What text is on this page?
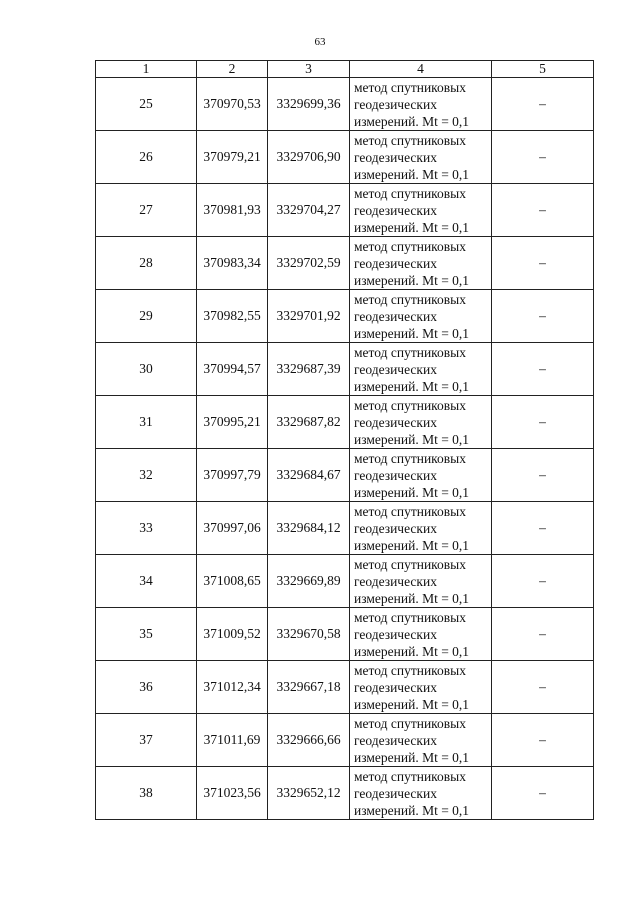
63
1	2	3	4	5
25	370970,53	3329699,36	метод спутниковых
геодезических
измерений. Mt = 0,1	–
26	370979,21	3329706,90	метод спутниковых
геодезических
измерений. Mt = 0,1	–
27	370981,93	3329704,27	метод спутниковых
геодезических
измерений. Mt = 0,1	–
28	370983,34	3329702,59	метод спутниковых
геодезических
измерений. Mt = 0,1	–
29	370982,55	3329701,92	метод спутниковых
геодезических
измерений. Mt = 0,1	–
30	370994,57	3329687,39	метод спутниковых
геодезических
измерений. Mt = 0,1	–
31	370995,21	3329687,82	метод спутниковых
геодезических
измерений. Mt = 0,1	–
32	370997,79	3329684,67	метод спутниковых
геодезических
измерений. Mt = 0,1	–
33	370997,06	3329684,12	метод спутниковых
геодезических
измерений. Mt = 0,1	–
34	371008,65	3329669,89	метод спутниковых
геодезических
измерений. Mt = 0,1	–
35	371009,52	3329670,58	метод спутниковых
геодезических
измерений. Mt = 0,1	–
36	371012,34	3329667,18	метод спутниковых
геодезических
измерений. Mt = 0,1	–
37	371011,69	3329666,66	метод спутниковых
геодезических
измерений. Mt = 0,1	–
38	371023,56	3329652,12	метод спутниковых
геодезических
измерений. Mt = 0,1	–
